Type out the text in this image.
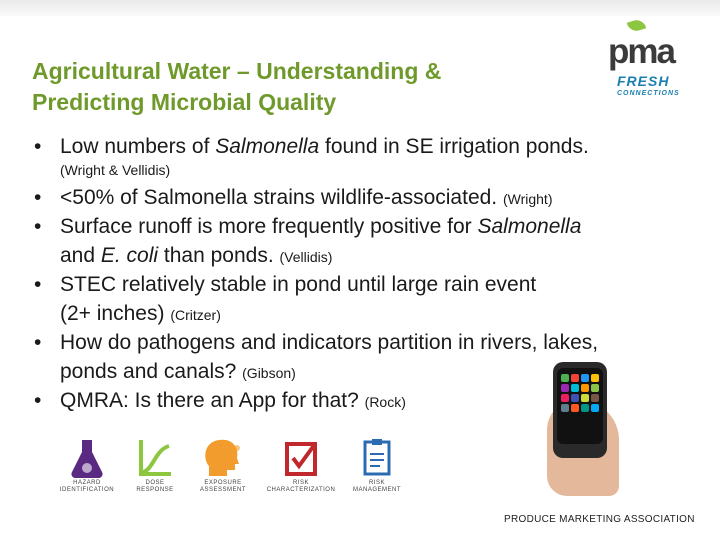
Agricultural Water – Understanding &
Predicting Microbial Quality
pma
FRESH
CONNECTIONS
• Low numbers of Salmonella found in SE irrigation ponds.
(Wright & Vellidis)
• <50% of Salmonella strains wildlife-associated. (Wright)
• Surface runoff is more frequently positive for Salmonella
and E. coli than ponds. (Vellidis)
• STEC relatively stable in pond until large rain event
(2+ inches) (Critzer)
• How do pathogens and indicators partition in rivers, lakes,
ponds and canals? (Gibson)
• QMRA: Is there an App for that? (Rock)
HAZARD
IDENTIFICATION
DOSE
RESPONSE
EXPOSURE
ASSESSMENT
RISK
CHARACTERIZATION
RISK
MANAGEMENT
PRODUCE MARKETING ASSOCIATION
